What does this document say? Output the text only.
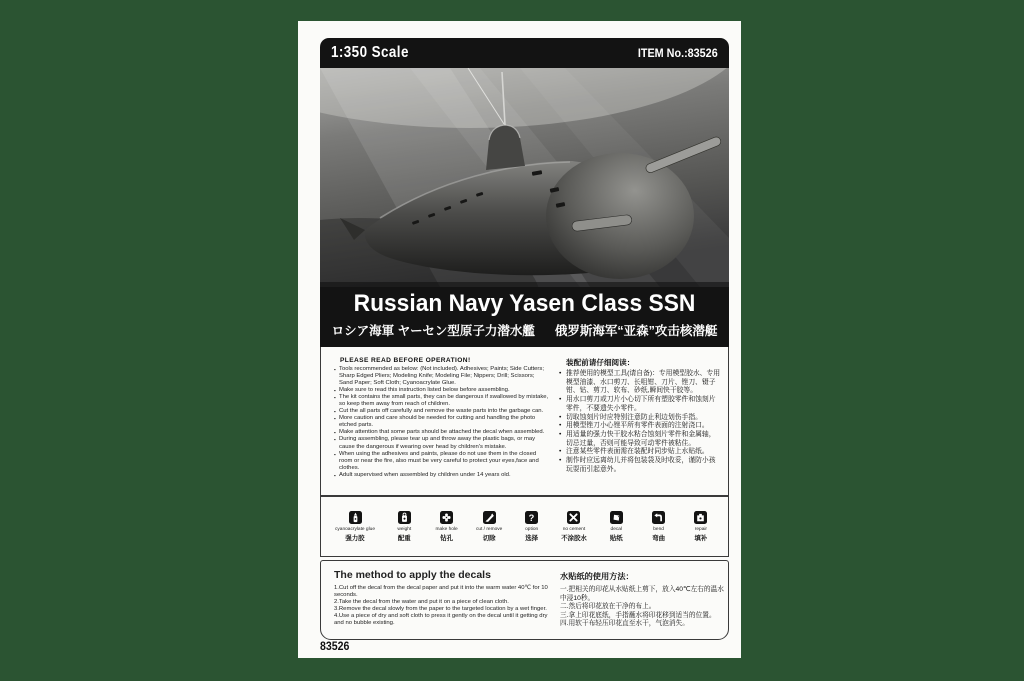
1:350 Scale	ITEM No.:83526
Russian Navy Yasen Class SSN
ロシア海軍 ヤーセン型原子力潜水艦 俄罗斯海军“亚森”攻击核潜艇
PLEASE READ BEFORE OPERATION!
▪ Tools recommended as below: (Not included). Adhesives; Paints; Side Cutters; Sharp Edged Pliers; Modeling Knife; Modeling File; Nippers; Drill; Scissors; Sand Paper; Soft Cloth; Cyanoacrylate Glue.
▪ Make sure to read this instruction listed below before assembling.
▪ The kit contains the small parts, they can be dangerous if swallowed by mistake, so keep them away from reach of children.
▪ Cut the all parts off carefully and remove the waste parts into the garbage can.
▪ More caution and care should be needed for cutting and handling the photo etched parts.
▪ Make attention that some parts should be attached the decal when assembled.
▪ During assembling, please tear up and throw away the plastic bags, or may cause the dangerous if wearing over head by children's mistake.
▪ When using the adhesives and paints, please do not use them in the closed room or near the fire, also must be very careful to protect your eyes,face and clothes.
▪ Adult supervised when assembled by children under 14 years old.
装配前请仔细阅读：
• 推荐使用的模型工具(请自备)：专用模型胶水、专用模型油漆、水口剪刀、长咀钳、刀片、锉刀、镊子钳、钻、剪刀、软布、砂纸,瞬间快干胶等。
• 用水口剪刀或刀片小心切下所有塑胶零件和蚀刻片零件，不要遗失小零件。
• 切取蚀刻片时应特别注意防止利边划伤手指。
• 用模型锉刀小心锉平所有零件表面的注射浇口。
• 用适量的强力快干胶水粘合蚀刻片零件和金属轴，切忌过量，否则可能导致可动零件被粘住。
• 注意某些零件表面需在装配时同步贴上水贴纸。
• 制作时应远离幼儿并将包装袋及时收妥，谨防小孩玩耍而引起意外。
cyanoacrylate glue
强力胶
weight
配重
make hole
钻孔
cut / remove
切除
?
option
选择
no cement
不涂胶水
decal
贴纸
bend
弯曲
repair
填补
The method to apply the decals
1.Cut off the decal from the decal paper and put it into the warm water 40℃ for 10 seconds.
2.Take the decal from the water and put it on a piece of clean cloth.
3.Remove the decal slowly from the paper to the targeted location by a wet finger.
4.Use a piece of dry and soft cloth to press it gently on the decal until it getting dry and no bubble existing.
水贴纸的使用方法：
一.把相关的印花从水贴纸上剪下，放入40℃左右的温水中浸10秒。
二.然后将印花放在干净的布上。
三.拿上印花底纸，手指蘸水将印花移到适当的位置。
四.用软干布轻压印花直至水干，气泡消失。
83526
